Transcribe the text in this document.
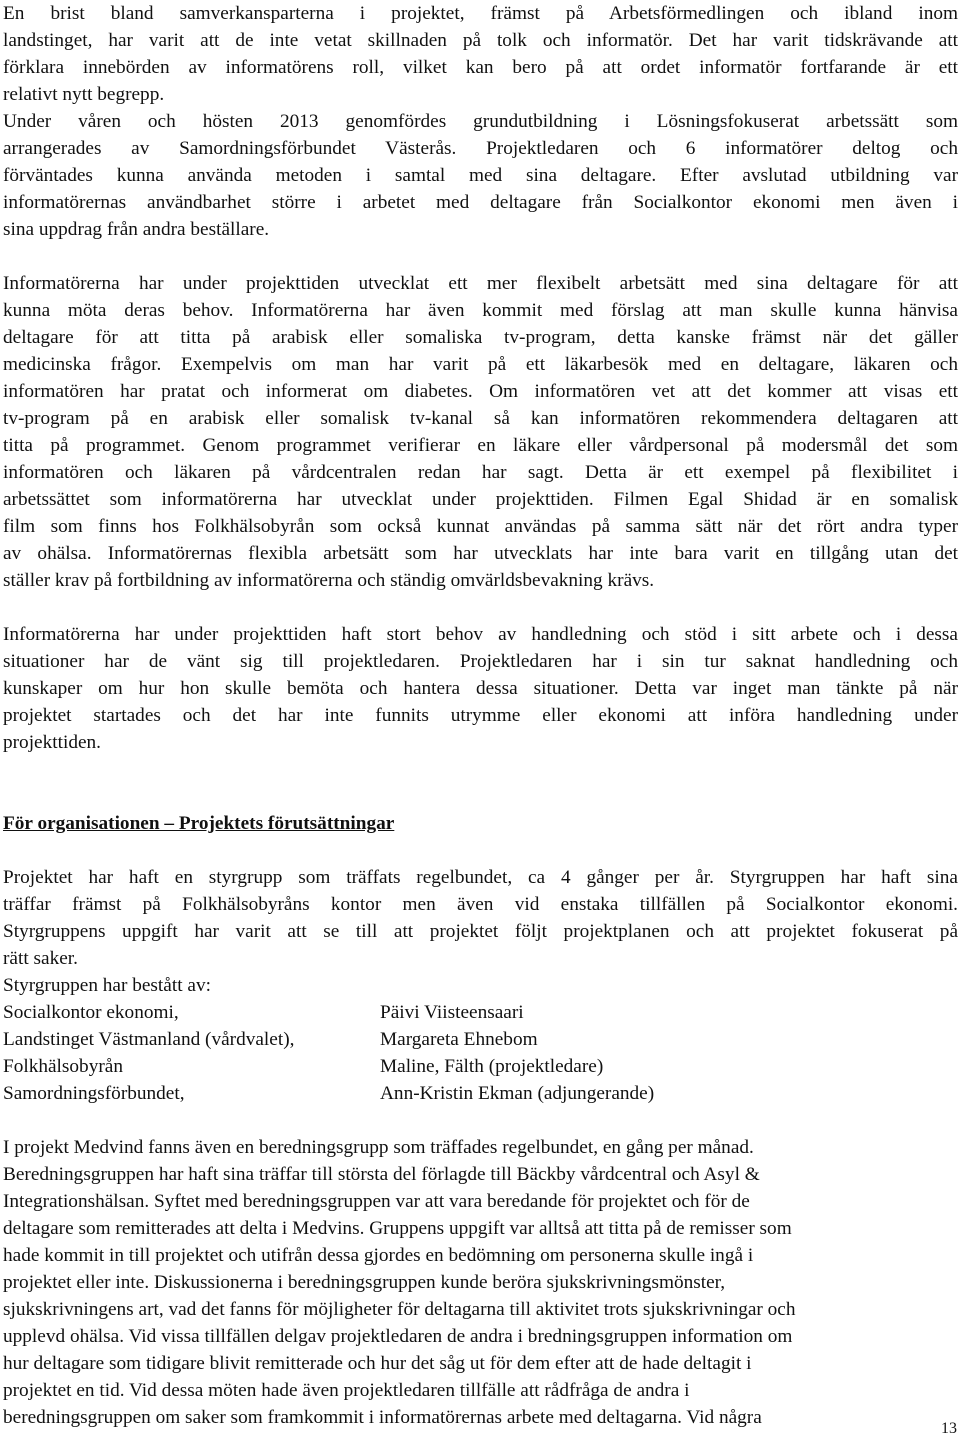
En brist bland samverkansparterna i projektet, främst på Arbetsförmedlingen och ibland inom

landstinget, har varit att de inte vetat skillnaden på tolk och informatör. Det har varit tidskrävande att

förklara innebörden av informatörens roll, vilket kan bero på att ordet informatör fortfarande är ett

relativt nytt begrepp.

Under våren och hösten 2013 genomfördes grundutbildning i Lösningsfokuserat arbetssätt som

arrangerades av Samordningsförbundet Västerås. Projektledaren och 6 informatörer deltog och

förväntades kunna använda metoden i samtal med sina deltagare. Efter avslutad utbildning var

informatörernas användbarhet större i arbetet med deltagare från Socialkontor ekonomi men även i

sina uppdrag från andra beställare.

Informatörerna har under projekttiden utvecklat ett mer flexibelt arbetsätt med sina deltagare för att

kunna möta deras behov. Informatörerna har även kommit med förslag att man skulle kunna hänvisa

deltagare för att titta på arabisk eller somaliska tv-program, detta kanske främst när det gäller

medicinska frågor. Exempelvis om man har varit på ett läkarbesök med en deltagare, läkaren och

informatören har pratat och informerat om diabetes. Om informatören vet att det kommer att visas ett

tv-program på en arabisk eller somalisk tv-kanal så kan informatören rekommendera deltagaren att

titta på programmet. Genom programmet verifierar en läkare eller vårdpersonal på modersmål det som

informatören och läkaren på vårdcentralen redan har sagt. Detta är ett exempel på flexibilitet i

arbetssättet som informatörerna har utvecklat under projekttiden. Filmen Egal Shidad är en somalisk

film som finns hos Folkhälsobyrån som också kunnat användas på samma sätt när det rört andra typer

av ohälsa. Informatörernas flexibla arbetsätt som har utvecklats har inte bara varit en tillgång utan det

ställer krav på fortbildning av informatörerna och ständig omvärldsbevakning krävs.

Informatörerna har under projekttiden haft stort behov av handledning och stöd i sitt arbete och i dessa

situationer har de vänt sig till projektledaren. Projektledaren har i sin tur saknat handledning och

kunskaper om hur hon skulle bemöta och hantera dessa situationer. Detta var inget man tänkte på när

projektet startades och det har inte funnits utrymme eller ekonomi att införa handledning under

projekttiden.

För organisationen – Projektets förutsättningar

Projektet har haft en styrgrupp som träffats regelbundet, ca 4 gånger per år. Styrgruppen har haft sina

träffar främst på Folkhälsobyråns kontor men även vid enstaka tillfällen på Socialkontor ekonomi.

Styrgruppens uppgift har varit att se till att projektet följt projektplanen och att projektet fokuserat på

rätt saker.

Styrgruppen har bestått av:

Socialkontor ekonomi,	Päivi Viisteensaari
Landstinget Västmanland (vårdvalet),	Margareta Ehnebom
Folkhälsobyrån	Maline, Fälth (projektledare)
Samordningsförbundet,	Ann-Kristin Ekman (adjungerande)

I projekt Medvind fanns även en beredningsgrupp som träffades regelbundet, en gång per månad.

Beredningsgruppen har haft sina träffar till största del förlagde till Bäckby vårdcentral och Asyl &

Integrationshälsan. Syftet med beredningsgruppen var att vara beredande för projektet och för de

deltagare som remitterades att delta i Medvins. Gruppens uppgift var alltså att titta på de remisser som

hade kommit in till projektet och utifrån dessa gjordes en bedömning om personerna skulle ingå i

projektet eller inte. Diskussionerna i beredningsgruppen kunde beröra sjukskrivningsmönster,

sjukskrivningens art, vad det fanns för möjligheter för deltagarna till aktivitet trots sjukskrivningar och

upplevd ohälsa. Vid vissa tillfällen delgav projektledaren de andra i bredningsgruppen information om

hur deltagare som tidigare blivit remitterade och hur det såg ut för dem efter att de hade deltagit i

projektet en tid. Vid dessa möten hade även projektledaren tillfälle att rådfråga de andra i

beredningsgruppen om saker som framkommit i informatörernas arbete med deltagarna. Vid några

13
